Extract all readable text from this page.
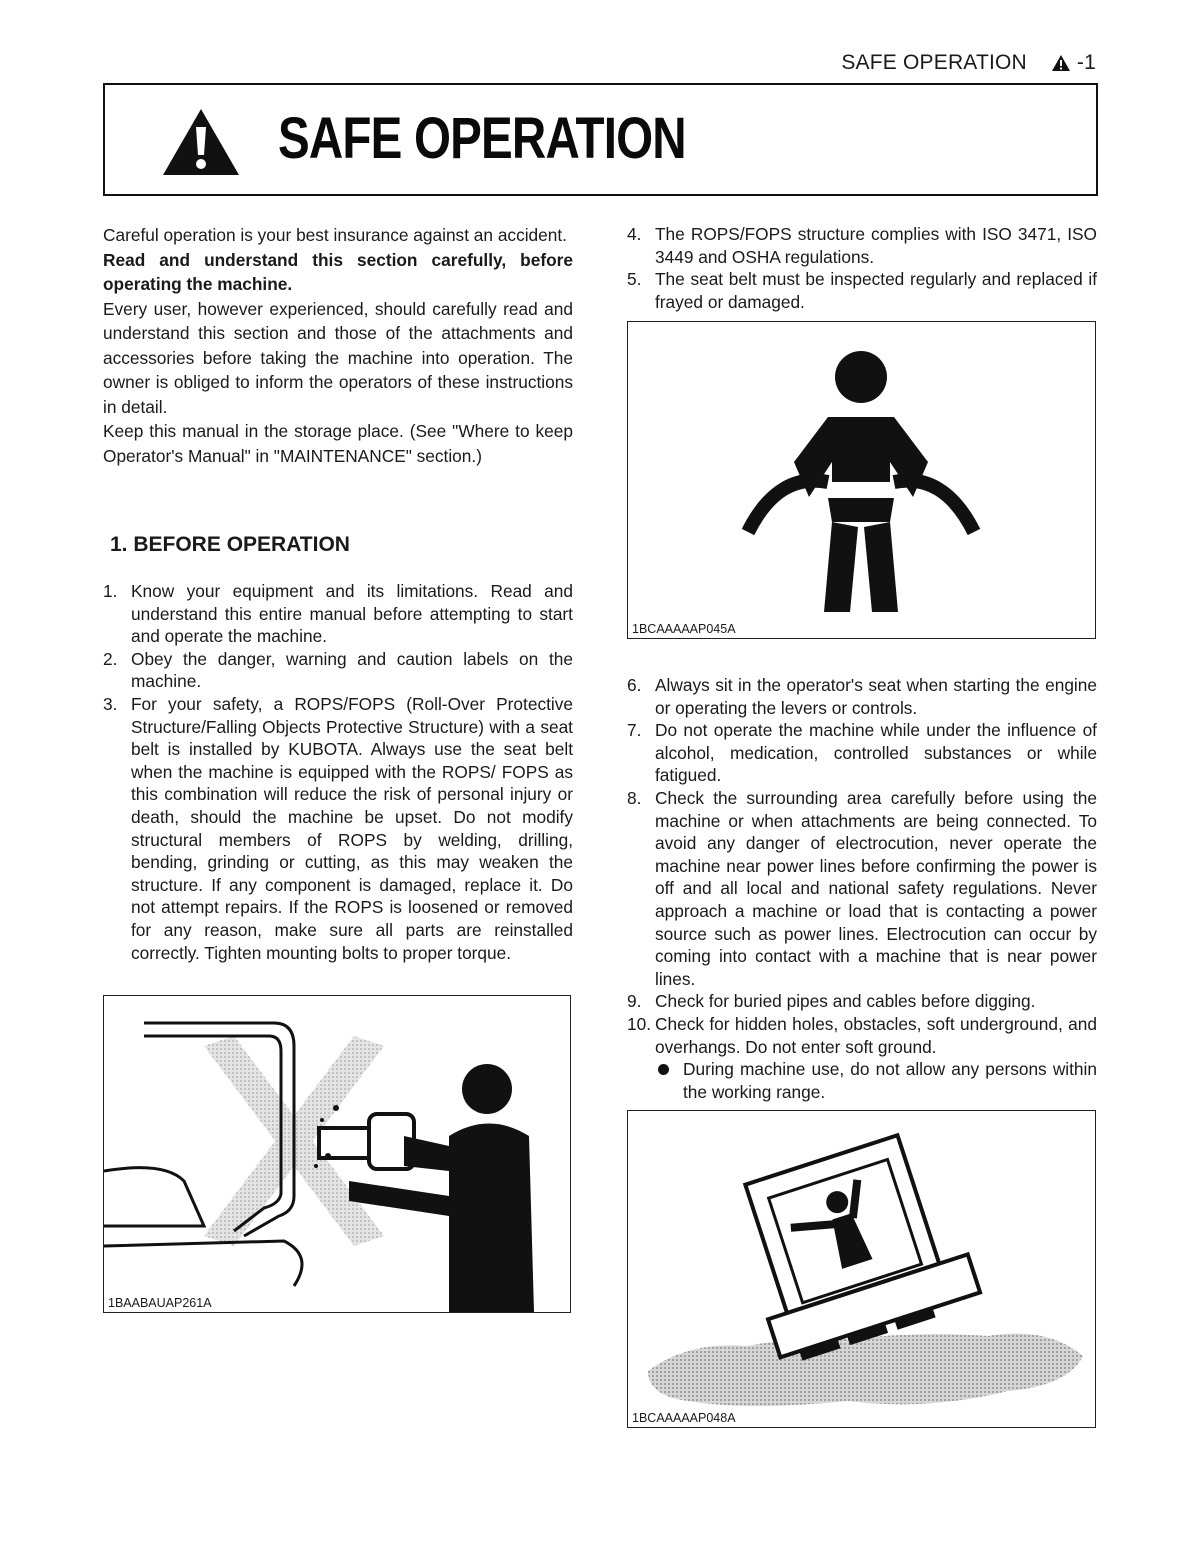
SAFE OPERATION -1
SAFE OPERATION

Careful operation is your best insurance against an accident.

Read and understand this section carefully, before operating the machine.

Every user, however experienced, should carefully read and understand this section and those of the attachments and accessories before taking the machine into operation. The owner is obliged to inform the operators of these instructions in detail.

Keep this manual in the storage place. (See "Where to keep Operator's Manual" in "MAINTENANCE" section.)

1. BEFORE OPERATION
1. Know your equipment and its limitations. Read and understand this entire manual before attempting to start and operate the machine.
2. Obey the danger, warning and caution labels on the machine.
3. For your safety, a ROPS/FOPS (Roll-Over Protective Structure/Falling Objects Protective Structure) with a seat belt is installed by KUBOTA. Always use the seat belt when the machine is equipped with the ROPS/ FOPS as this combination will reduce the risk of personal injury or death, should the machine be upset. Do not modify structural members of ROPS by welding, drilling, bending, grinding or cutting, as this may weaken the structure. If any component is damaged, replace it. Do not attempt repairs. If the ROPS is loosened or removed for any reason, make sure all parts are reinstalled correctly. Tighten mounting bolts to proper torque.
4. The ROPS/FOPS structure complies with ISO 3471, ISO 3449 and OSHA regulations.
5. The seat belt must be inspected regularly and replaced if frayed or damaged.
6. Always sit in the operator's seat when starting the engine or operating the levers or controls.
7. Do not operate the machine while under the influence of alcohol, medication, controlled substances or while fatigued.
8. Check the surrounding area carefully before using the machine or when attachments are being connected. To avoid any danger of electrocution, never operate the machine near power lines before confirming the power is off and all local and national safety regulations. Never approach a machine or load that is contacting a power source such as power lines. Electrocution can occur by coming into contact with a machine that is near power lines.
9. Check for buried pipes and cables before digging.
10. Check for hidden holes, obstacles, soft underground, and overhangs. Do not enter soft ground.
During machine use, do not allow any persons within the working range.
1BCAAAAAP045A
1BAABAUAP261A
1BCAAAAAP048A
